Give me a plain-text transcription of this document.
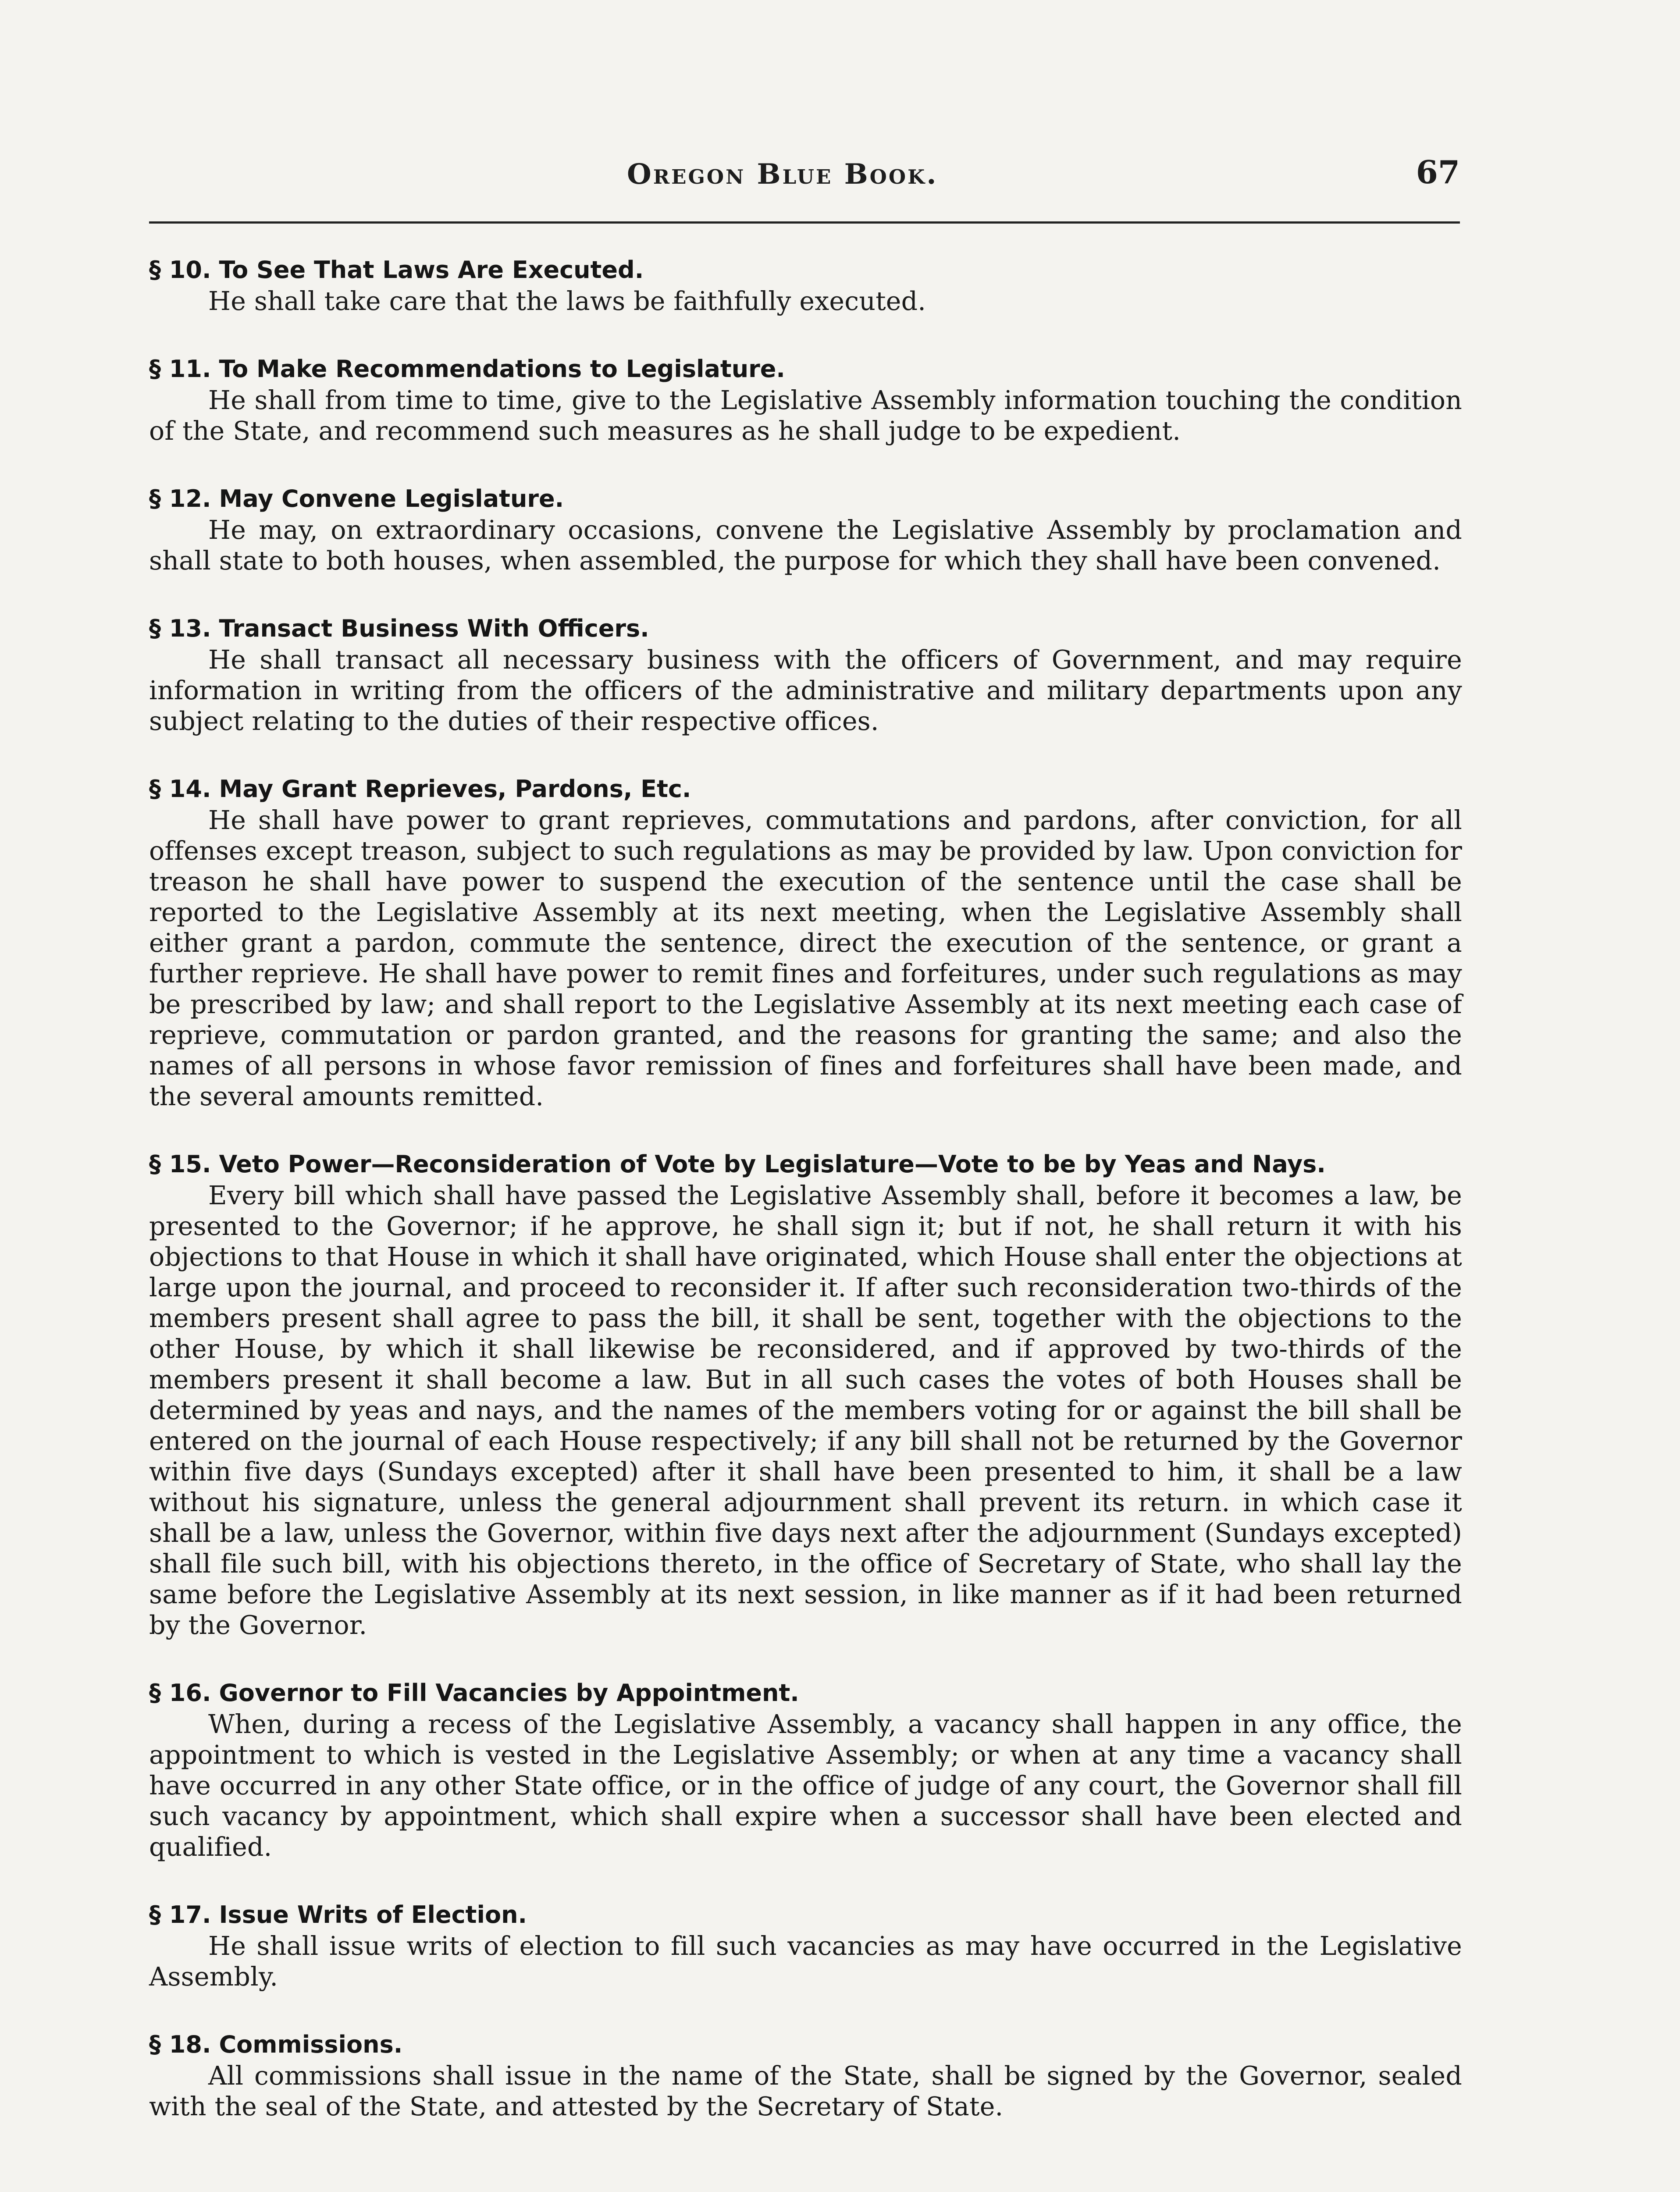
Oregon Blue Book.	67

§ 10. To See That Laws Are Executed.

He shall take care that the laws be faithfully executed.

§ 11. To Make Recommendations to Legislature.

He shall from time to time, give to the Legislative Assembly information touching the condition of the State, and recommend such measures as he shall judge to be expedient.

§ 12. May Convene Legislature.

He may, on extraordinary occasions, convene the Legislative Assembly by proclamation and shall state to both houses, when assembled, the purpose for which they shall have been convened.

§ 13. Transact Business With Officers.

He shall transact all necessary business with the officers of Government, and may require information in writing from the officers of the administrative and military departments upon any subject relating to the duties of their respective offices.

§ 14. May Grant Reprieves, Pardons, Etc.

He shall have power to grant reprieves, commutations and pardons, after conviction, for all offenses except treason, subject to such regulations as may be provided by law. Upon conviction for treason he shall have power to suspend the execution of the sentence until the case shall be reported to the Legislative Assembly at its next meeting, when the Legislative Assembly shall either grant a pardon, commute the sentence, direct the execution of the sentence, or grant a further reprieve. He shall have power to remit fines and forfeitures, under such regulations as may be prescribed by law; and shall report to the Legislative Assembly at its next meeting each case of reprieve, commutation or pardon granted, and the reasons for granting the same; and also the names of all persons in whose favor remission of fines and forfeitures shall have been made, and the several amounts remitted.

§ 15. Veto Power—Reconsideration of Vote by Legislature—Vote to be by Yeas and Nays.

Every bill which shall have passed the Legislative Assembly shall, before it becomes a law, be presented to the Governor; if he approve, he shall sign it; but if not, he shall return it with his objections to that House in which it shall have originated, which House shall enter the objections at large upon the journal, and proceed to reconsider it. If after such reconsideration two-thirds of the members present shall agree to pass the bill, it shall be sent, together with the objections to the other House, by which it shall likewise be reconsidered, and if approved by two-thirds of the members present it shall become a law. But in all such cases the votes of both Houses shall be determined by yeas and nays, and the names of the members voting for or against the bill shall be entered on the journal of each House respectively; if any bill shall not be returned by the Governor within five days (Sundays excepted) after it shall have been presented to him, it shall be a law without his signature, unless the general adjournment shall prevent its return. in which case it shall be a law, unless the Governor, within five days next after the adjournment (Sundays excepted) shall file such bill, with his objections thereto, in the office of Secretary of State, who shall lay the same before the Legislative Assembly at its next session, in like manner as if it had been returned by the Governor.

§ 16. Governor to Fill Vacancies by Appointment.

When, during a recess of the Legislative Assembly, a vacancy shall happen in any office, the appointment to which is vested in the Legislative Assembly; or when at any time a vacancy shall have occurred in any other State office, or in the office of judge of any court, the Governor shall fill such vacancy by appointment, which shall expire when a successor shall have been elected and qualified.

§ 17. Issue Writs of Election.

He shall issue writs of election to fill such vacancies as may have occurred in the Legislative Assembly.

§ 18. Commissions.

All commissions shall issue in the name of the State, shall be signed by the Governor, sealed with the seal of the State, and attested by the Secretary of State.
